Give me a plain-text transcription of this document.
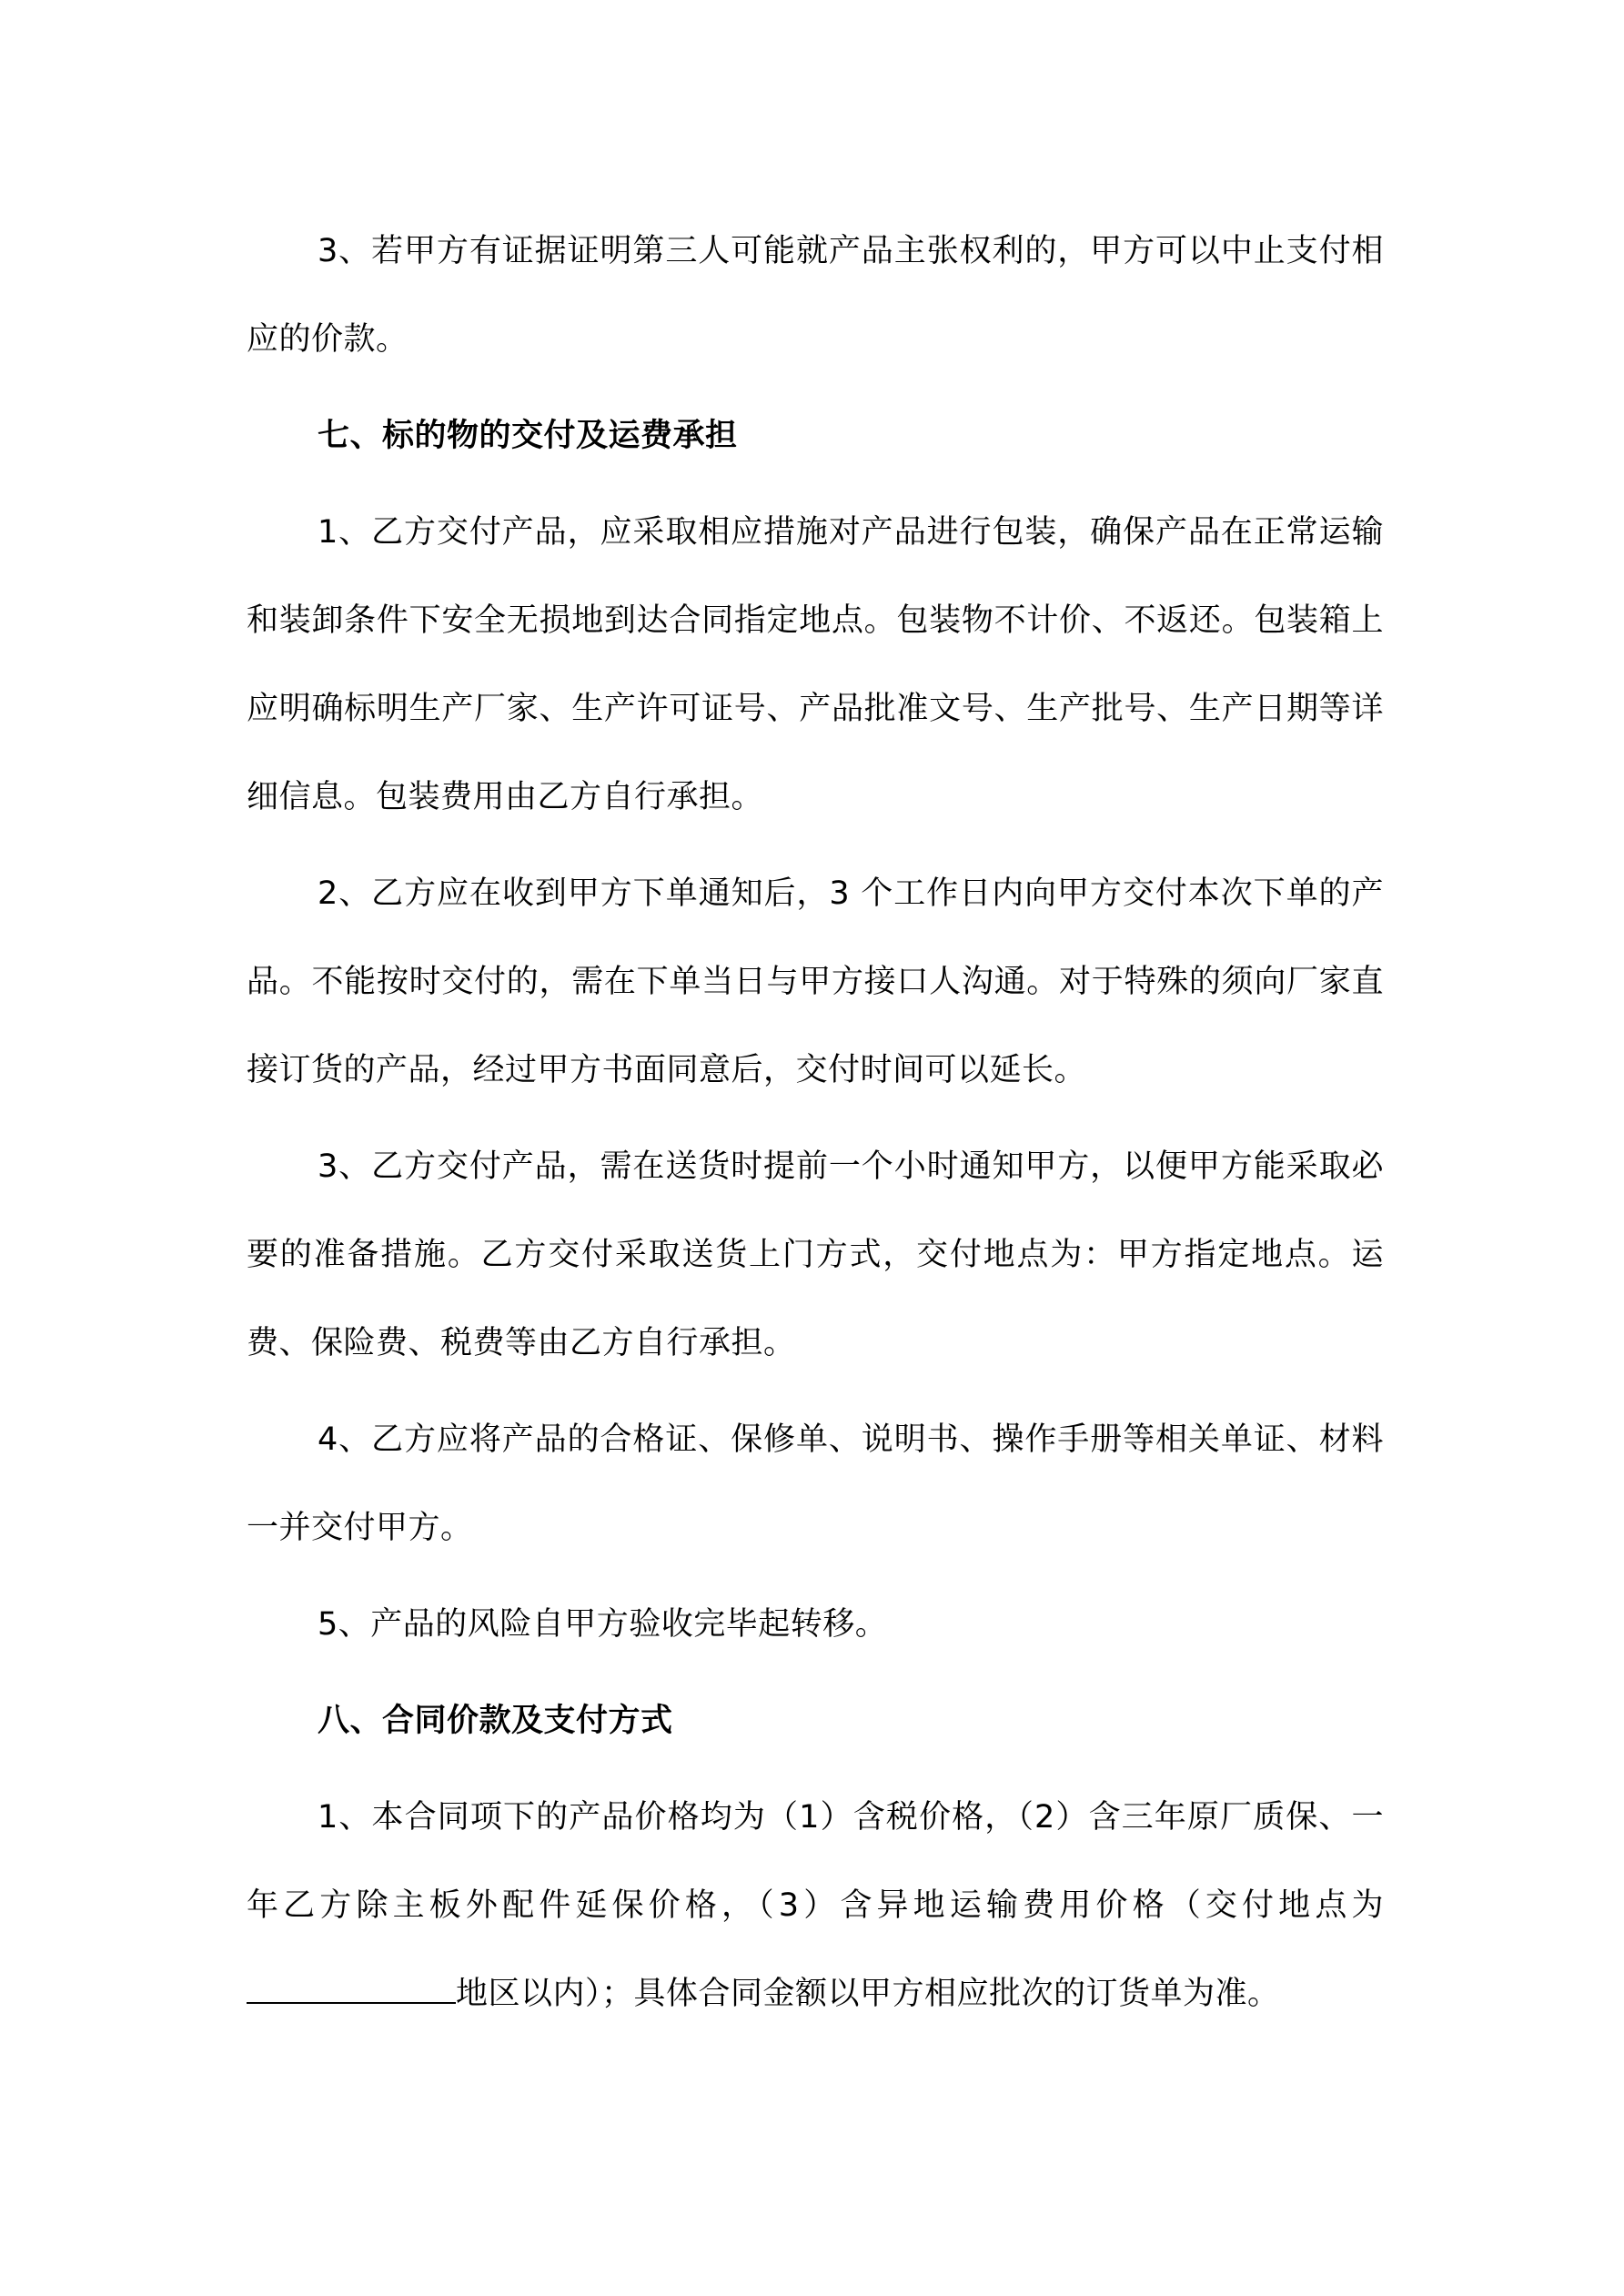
3、若甲方有证据证明第三人可能就产品主张权利的，甲方可以中止支付相应的价款。

七、标的物的交付及运费承担

1、乙方交付产品，应采取相应措施对产品进行包装，确保产品在正常运输和装卸条件下安全无损地到达合同指定地点。包装物不计价、不返还。包装箱上应明确标明生产厂家、生产许可证号、产品批准文号、生产批号、生产日期等详细信息。包装费用由乙方自行承担。

2、乙方应在收到甲方下单通知后，3 个工作日内向甲方交付本次下单的产品。不能按时交付的，需在下单当日与甲方接口人沟通。对于特殊的须向厂家直接订货的产品，经过甲方书面同意后，交付时间可以延长。

3、乙方交付产品，需在送货时提前一个小时通知甲方，以便甲方能采取必要的准备措施。乙方交付采取送货上门方式，交付地点为：甲方指定地点。运费、保险费、税费等由乙方自行承担。

4、乙方应将产品的合格证、保修单、说明书、操作手册等相关单证、材料一并交付甲方。

5、产品的风险自甲方验收完毕起转移。

八、合同价款及支付方式

1、本合同项下的产品价格均为（1）含税价格，（2）含三年原厂质保、一年乙方除主板外配件延保价格，（3）含异地运输费用价格（交付地点为地区以内）；具体合同金额以甲方相应批次的订货单为准。
